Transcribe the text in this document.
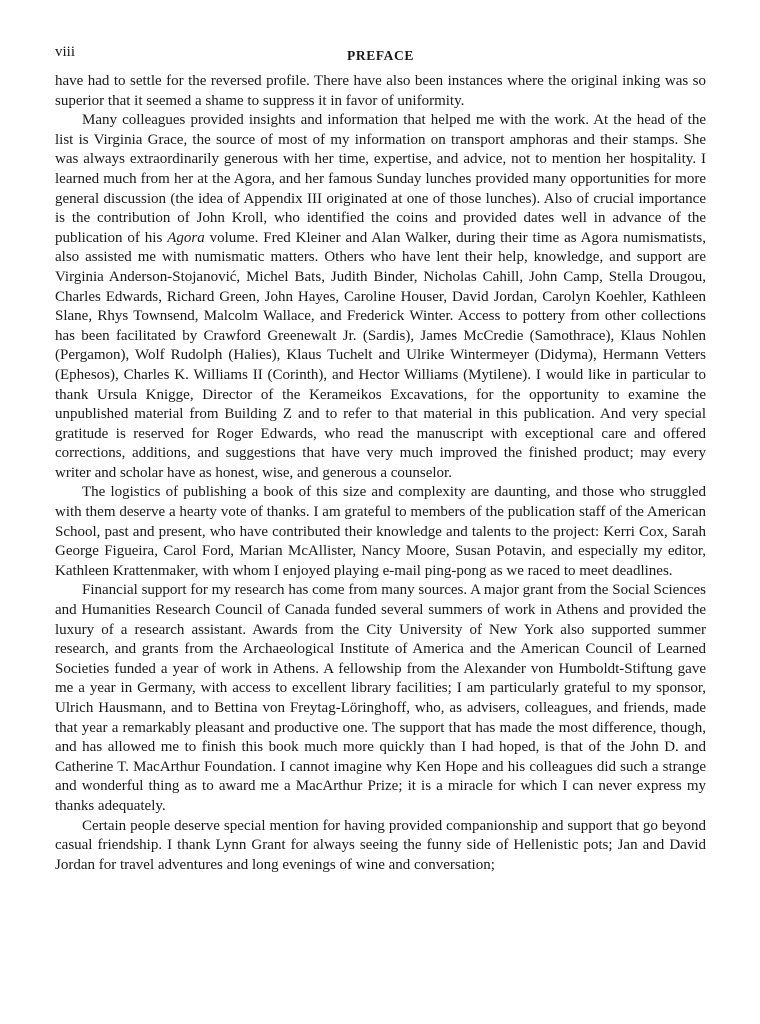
viii	PREFACE

have had to settle for the reversed profile. There have also been instances where the original inking was so superior that it seemed a shame to suppress it in favor of uniformity.

Many colleagues provided insights and information that helped me with the work. At the head of the list is Virginia Grace, the source of most of my information on transport amphoras and their stamps. She was always extraordinarily generous with her time, expertise, and advice, not to mention her hospitality. I learned much from her at the Agora, and her famous Sunday lunches provided many opportunities for more general discussion (the idea of Appendix III originated at one of those lunches). Also of crucial importance is the contribution of John Kroll, who identified the coins and provided dates well in advance of the publication of his Agora volume. Fred Kleiner and Alan Walker, during their time as Agora numismatists, also assisted me with numismatic matters. Others who have lent their help, knowledge, and support are Virginia Anderson-Stojanović, Michel Bats, Judith Binder, Nicholas Cahill, John Camp, Stella Drougou, Charles Edwards, Richard Green, John Hayes, Caroline Houser, David Jordan, Carolyn Koehler, Kathleen Slane, Rhys Townsend, Malcolm Wallace, and Frederick Winter. Access to pottery from other collections has been facilitated by Crawford Greenewalt Jr. (Sardis), James McCredie (Samothrace), Klaus Nohlen (Pergamon), Wolf Rudolph (Halies), Klaus Tuchelt and Ulrike Wintermeyer (Didyma), Hermann Vetters (Ephesos), Charles K. Williams II (Corinth), and Hector Williams (Mytilene). I would like in particular to thank Ursula Knigge, Director of the Kerameikos Excavations, for the opportunity to examine the unpublished material from Building Z and to refer to that material in this publication. And very special gratitude is reserved for Roger Edwards, who read the manuscript with exceptional care and offered corrections, additions, and suggestions that have very much improved the finished product; may every writer and scholar have as honest, wise, and generous a counselor.

The logistics of publishing a book of this size and complexity are daunting, and those who struggled with them deserve a hearty vote of thanks. I am grateful to members of the publication staff of the American School, past and present, who have contributed their knowledge and talents to the project: Kerri Cox, Sarah George Figueira, Carol Ford, Marian McAllister, Nancy Moore, Susan Potavin, and especially my editor, Kathleen Krattenmaker, with whom I enjoyed playing e-mail ping-pong as we raced to meet deadlines.

Financial support for my research has come from many sources. A major grant from the Social Sciences and Humanities Research Council of Canada funded several summers of work in Athens and provided the luxury of a research assistant. Awards from the City University of New York also supported summer research, and grants from the Archaeological Institute of America and the American Council of Learned Societies funded a year of work in Athens. A fellowship from the Alexander von Humboldt-Stiftung gave me a year in Germany, with access to excellent library facilities; I am particularly grateful to my sponsor, Ulrich Hausmann, and to Bettina von Freytag-Löringhoff, who, as advisers, colleagues, and friends, made that year a remarkably pleasant and productive one. The support that has made the most difference, though, and has allowed me to finish this book much more quickly than I had hoped, is that of the John D. and Catherine T. MacArthur Foundation. I cannot imagine why Ken Hope and his colleagues did such a strange and wonderful thing as to award me a MacArthur Prize; it is a miracle for which I can never express my thanks adequately.

Certain people deserve special mention for having provided companionship and support that go beyond casual friendship. I thank Lynn Grant for always seeing the funny side of Hellenistic pots; Jan and David Jordan for travel adventures and long evenings of wine and conversation;
